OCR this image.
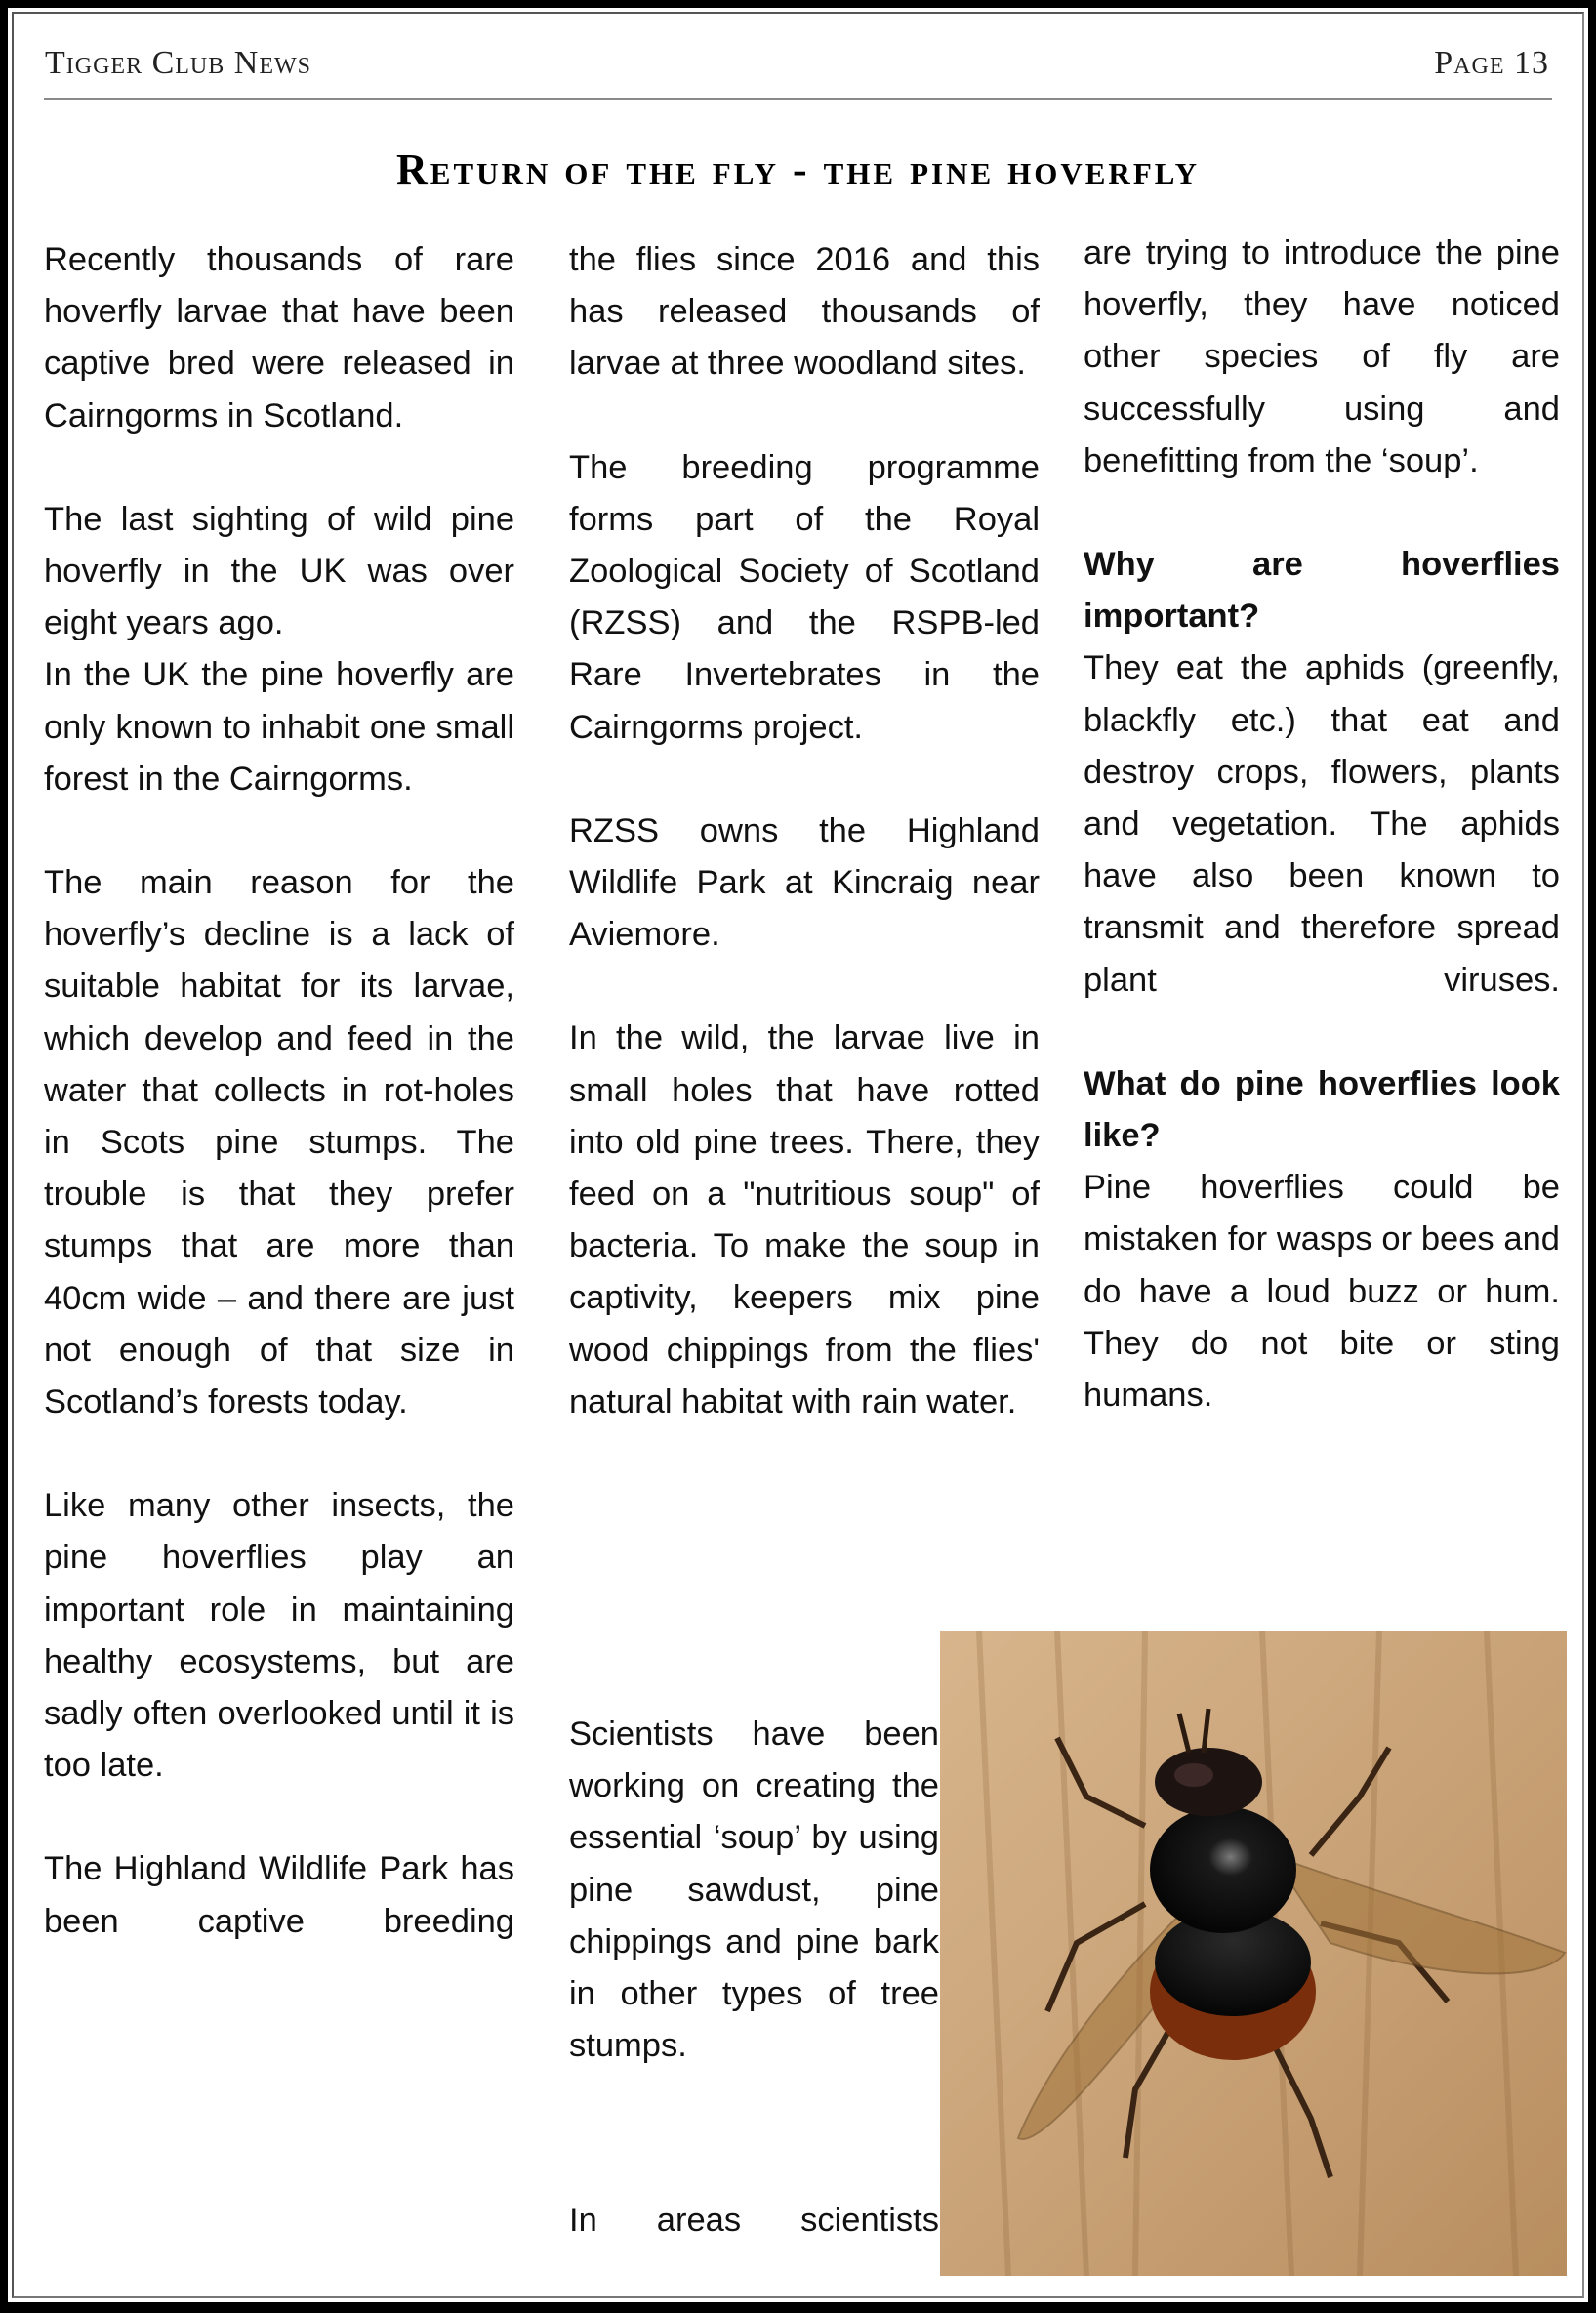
Tigger Club News	Page 13
Return of the fly - the pine hoverfly

Recently thousands of rare hoverfly larvae that have been captive bred were released in Cairngorms in Scotland.

The last sighting of wild pine hoverfly in the UK was over eight years ago.

In the UK the pine hoverfly are only known to inhabit one small forest in the Cairngorms.

The main reason for the hoverfly’s decline is a lack of suitable habitat for its larvae, which develop and feed in the water that collects in rot-holes in Scots pine stumps. The trouble is that they prefer stumps that are more than 40cm wide – and there are just not enough of that size in Scotland’s forests today.

Like many other insects, the pine hoverflies play an important role in maintaining healthy ecosystems, but are sadly often overlooked until it is too late.

The Highland Wildlife Park has been captive breeding

the flies since 2016 and this has released thousands of larvae at three woodland sites.

The breeding programme forms part of the Royal Zoological Society of Scotland (RZSS) and the RSPB-led Rare Invertebrates in the Cairngorms project.

RZSS owns the Highland Wildlife Park at Kincraig near Aviemore.

In the wild, the larvae live in small holes that have rotted into old pine trees. There, they feed on a "nutritious soup" of bacteria. To make the soup in captivity, keepers mix pine wood chippings from the flies' natural habitat with rain water.

Scientists have been working on creating the essential ‘soup’ by using pine sawdust, pine chippings and pine bark in other types of tree stumps.

In areas scientists

are trying to introduce the pine hoverfly, they have noticed other species of fly are successfully using and benefitting from the ‘soup’.

Why are hoverflies important?

They eat the aphids (greenfly, blackfly etc.) that eat and destroy crops, flowers, plants and vegetation. The aphids have also been known to transmit and therefore spread plant viruses.

What do pine hoverflies look like?

Pine hoverflies could be mistaken for wasps or bees and do have a loud buzz or hum. They do not bite or sting humans.
